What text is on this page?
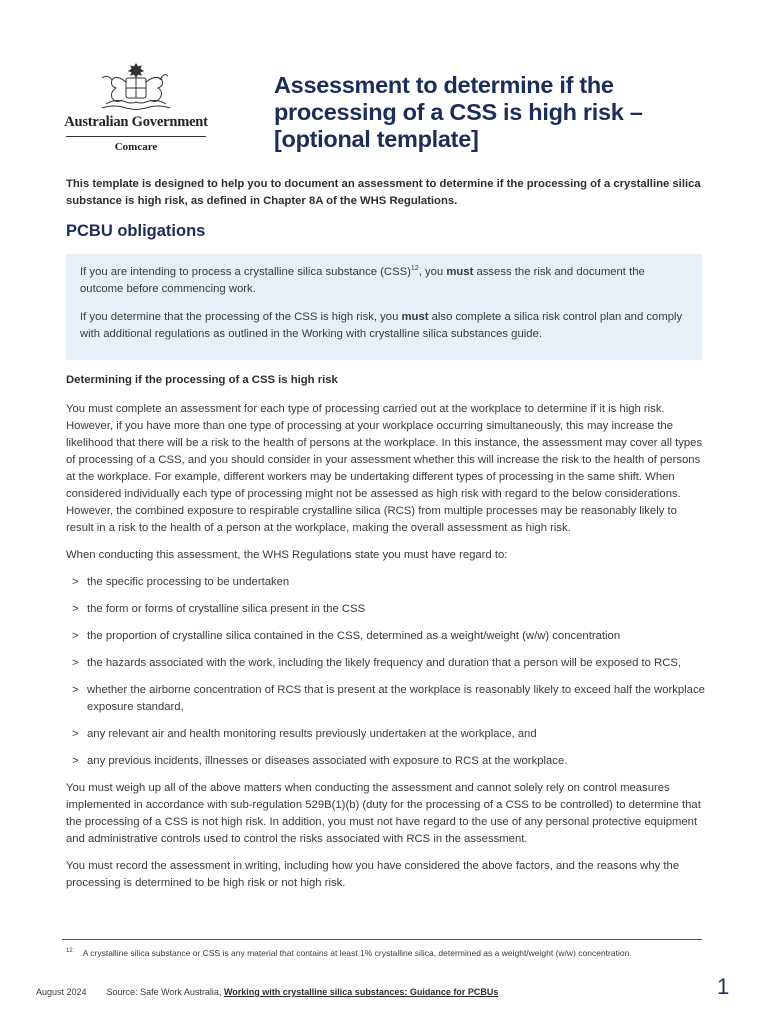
Australian Government
Comcare
Assessment to determine if the
processing of a CSS is high risk –
[optional template]

This template is designed to help you to document an assessment to determine if the processing of a crystalline silica substance is high risk, as defined in Chapter 8A of the WHS Regulations.

PCBU obligations

If you are intending to process a crystalline silica substance (CSS)$^{12}$, you must assess the risk and document the outcome before commencing work.

If you determine that the processing of the CSS is high risk, you must also complete a silica risk control plan and comply with additional regulations as outlined in the Working with crystalline silica substances guide.

Determining if the processing of a CSS is high risk

You must complete an assessment for each type of processing carried out at the workplace to determine if it is high risk. However, if you have more than one type of processing at your workplace occurring simultaneously, this may increase the likelihood that there will be a risk to the health of persons at the workplace. In this instance, the assessment may cover all types of processing of a CSS, and you should consider in your assessment whether this will increase the risk to the health of persons at the workplace. For example, different workers may be undertaking different types of processing in the same shift. When considered individually each type of processing might not be assessed as high risk with regard to the below considerations. However, the combined exposure to respirable crystalline silica (RCS) from multiple processes may be reasonably likely to result in a risk to the health of a person at the workplace, making the overall assessment as high risk.

When conducting this assessment, the WHS Regulations state you must have regard to:

> the specific processing to be undertaken
> the form or forms of crystalline silica present in the CSS
> the proportion of crystalline silica contained in the CSS, determined as a weight/weight (w/w) concentration
> the hazards associated with the work, including the likely frequency and duration that a person will be exposed to RCS,
> whether the airborne concentration of RCS that is present at the workplace is reasonably likely to exceed half the workplace exposure standard,
> any relevant air and health monitoring results previously undertaken at the workplace, and
> any previous incidents, illnesses or diseases associated with exposure to RCS at the workplace.

You must weigh up all of the above matters when conducting the assessment and cannot solely rely on control measures implemented in accordance with sub-regulation 529B(1)(b) (duty for the processing of a CSS to be controlled) to determine that the processing of a CSS is not high risk. In addition, you must not have regard to the use of any personal protective equipment and administrative controls used to control the risks associated with RCS in the assessment.

You must record the assessment in writing, including how you have considered the above factors, and the reasons why the processing is determined to be high risk or not high risk.

$^{12}$ A crystalline silica substance or CSS is any material that contains at least 1% crystalline silica, determined as a weight/weight (w/w) concentration.

August 2024 Source: Safe Work Australia, Working with crystalline silica substances: Guidance for PCBUs	1
